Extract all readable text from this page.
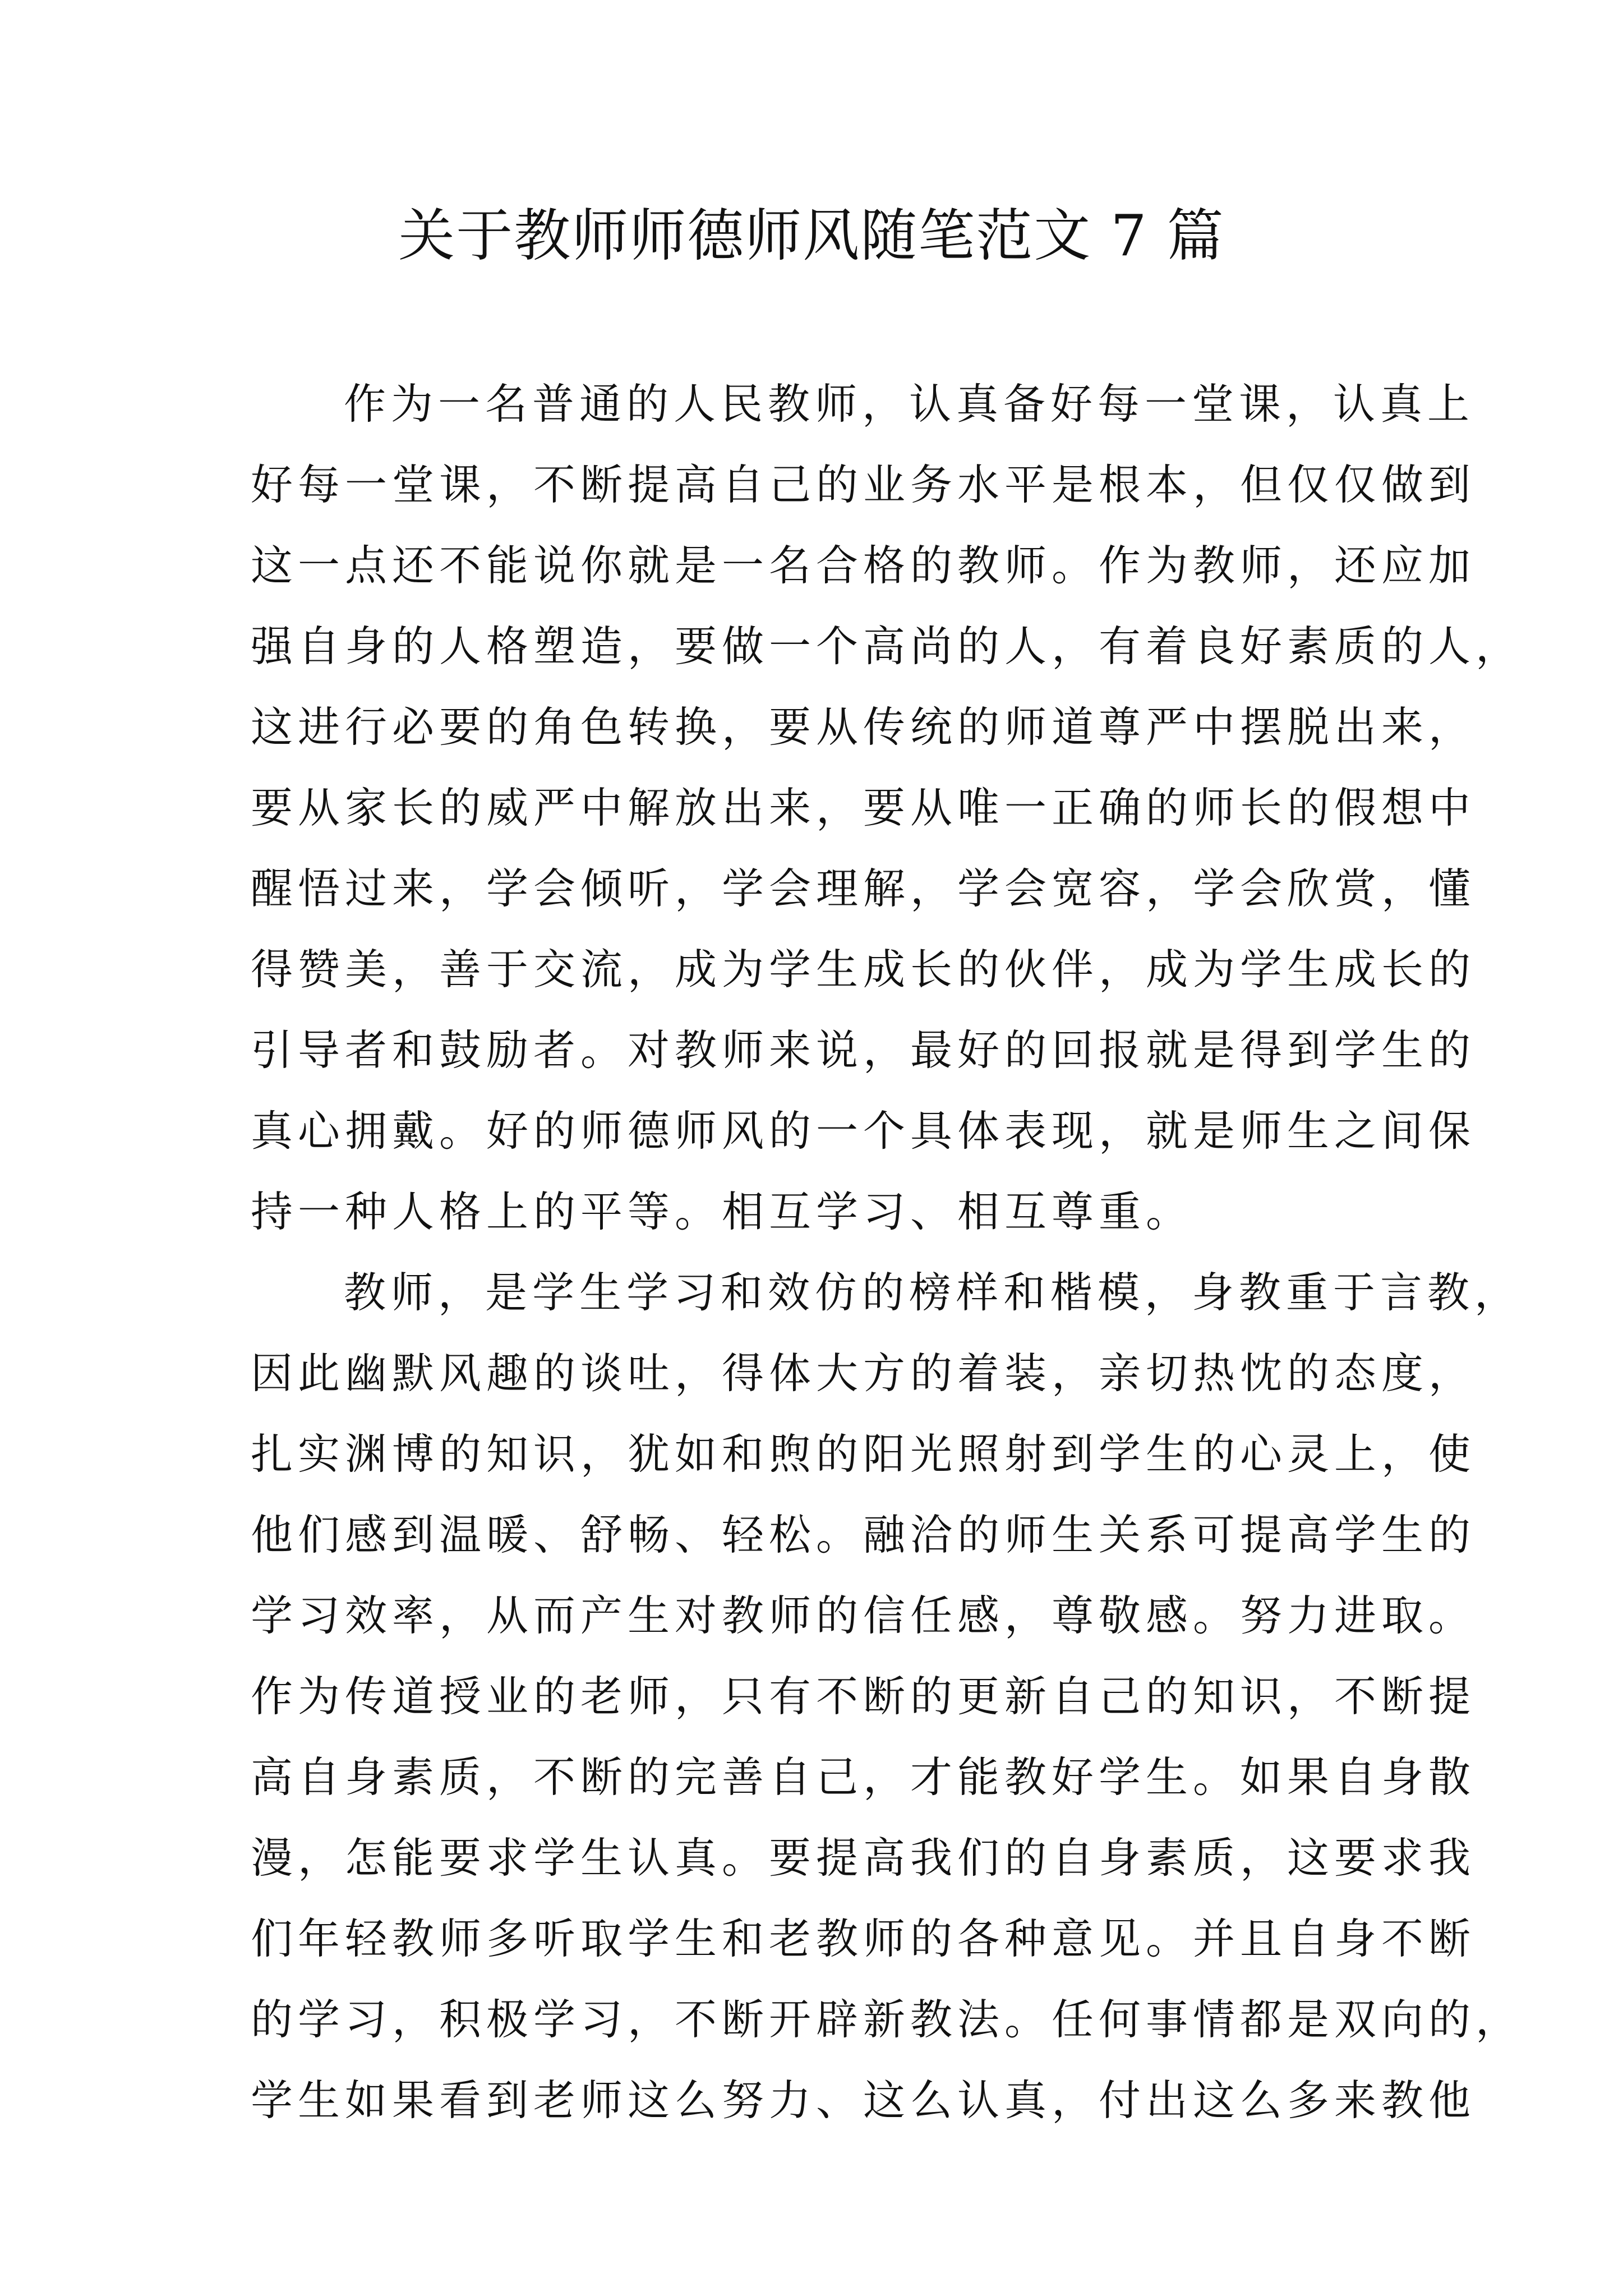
关于教师师德师风随笔范文 7 篇
作为一名普通的人民教师，认真备好每一堂课，认真上
好每一堂课，不断提高自己的业务水平是根本，但仅仅做到
这一点还不能说你就是一名合格的教师。作为教师，还应加
强自身的人格塑造，要做一个高尚的人，有着良好素质的人，
这进行必要的角色转换，要从传统的师道尊严中摆脱出来，
要从家长的威严中解放出来，要从唯一正确的师长的假想中
醒悟过来，学会倾听，学会理解，学会宽容，学会欣赏，懂
得赞美，善于交流，成为学生成长的伙伴，成为学生成长的
引导者和鼓励者。对教师来说，最好的回报就是得到学生的
真心拥戴。好的师德师风的一个具体表现，就是师生之间保
持一种人格上的平等。相互学习、相互尊重。
教师，是学生学习和效仿的榜样和楷模，身教重于言教，
因此幽默风趣的谈吐，得体大方的着装，亲切热忱的态度，
扎实渊博的知识，犹如和煦的阳光照射到学生的心灵上，使
他们感到温暖、舒畅、轻松。融洽的师生关系可提高学生的
学习效率，从而产生对教师的信任感，尊敬感。努力进取。
作为传道授业的老师，只有不断的更新自己的知识，不断提
高自身素质，不断的完善自己，才能教好学生。如果自身散
漫，怎能要求学生认真。要提高我们的自身素质，这要求我
们年轻教师多听取学生和老教师的各种意见。并且自身不断
的学习，积极学习，不断开辟新教法。任何事情都是双向的，
学生如果看到老师这么努力、这么认真，付出这么多来教他
